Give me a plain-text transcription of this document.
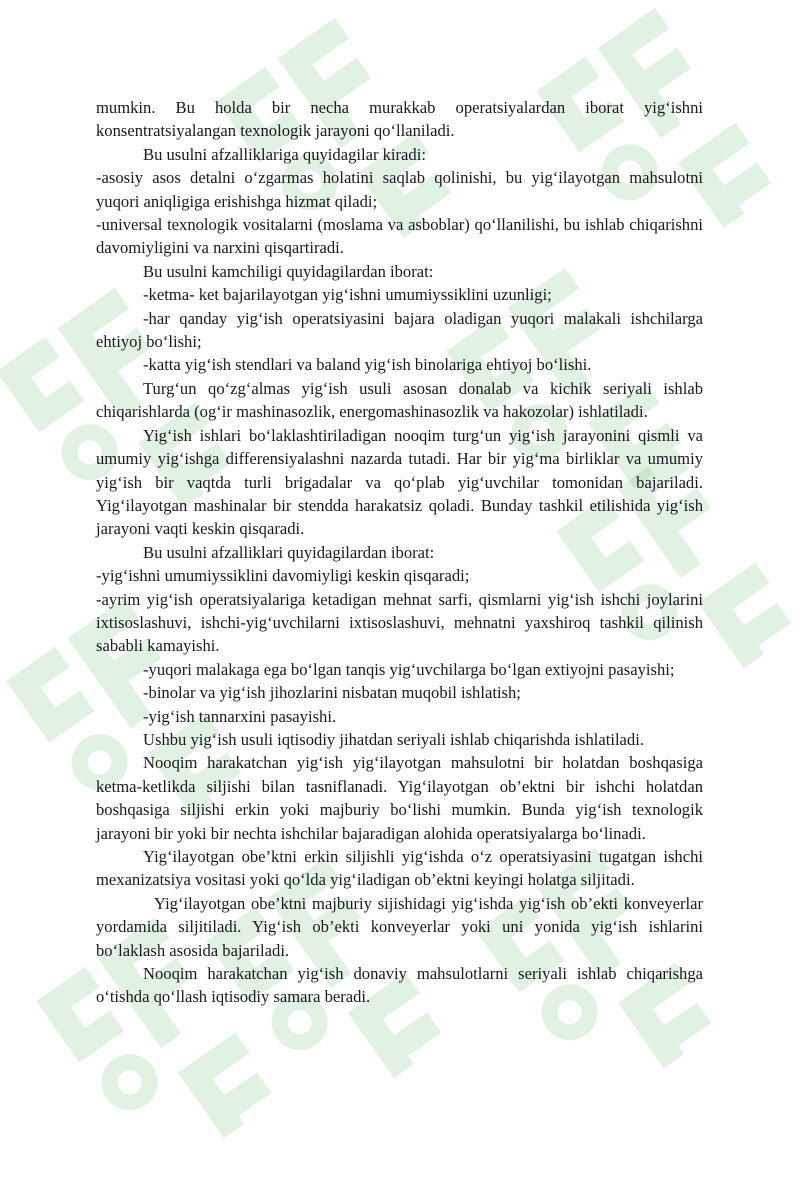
mumkin. Bu holda bir necha murakkab operatsiyalardan iborat yig‘ishni konsentratsiyalangan texnologik jarayoni qo‘llaniladi.

Bu usulni afzalliklariga quyidagilar kiradi:

-asosiy asos detalni o‘zgarmas holatini saqlab qolinishi, bu yig‘ilayotgan mahsulotni yuqori aniqligiga erishishga hizmat qiladi;

-universal texnologik vositalarni (moslama va asboblar) qo‘llanilishi, bu ishlab chiqarishni davomiyligini va narxini qisqartiradi.

Bu usulni kamchiligi quyidagilardan iborat:

-ketma- ket bajarilayotgan yig‘ishni umumiyssiklini uzunligi;

-har qanday yig‘ish operatsiyasini bajara oladigan yuqori malakali ishchilarga ehtiyoj bo‘lishi;

-katta yig‘ish stendlari va baland yig‘ish binolariga ehtiyoj bo‘lishi.

Turg‘un qo‘zg‘almas yig‘ish usuli asosan donalab va kichik seriyali ishlab chiqarishlarda (og‘ir mashinasozlik, energomashinasozlik va hakozolar) ishlatiladi.

Yig‘ish ishlari bo‘laklashtiriladigan nooqim turg‘un yig‘ish jarayonini qismli va umumiy yig‘ishga differensiyalashni nazarda tutadi. Har bir yig‘ma birliklar va umumiy yig‘ish bir vaqtda turli brigadalar va qo‘plab yig‘uvchilar tomonidan bajariladi. Yig‘ilayotgan mashinalar bir stendda harakatsiz qoladi. Bunday tashkil etilishida yig‘ish jarayoni vaqti keskin qisqaradi.

Bu usulni afzalliklari quyidagilardan iborat:

-yig‘ishni umumiyssiklini davomiyligi keskin qisqaradi;

-ayrim yig‘ish operatsiyalariga ketadigan mehnat sarfi, qismlarni yig‘ish ishchi joylarini ixtisoslashuvi, ishchi-yig‘uvchilarni ixtisoslashuvi, mehnatni yaxshiroq tashkil qilinish sababli kamayishi.

-yuqori malakaga ega bo‘lgan tanqis yig‘uvchilarga bo‘lgan extiyojni pasayishi;

-binolar va yig‘ish jihozlarini nisbatan muqobil ishlatish;

-yig‘ish tannarxini pasayishi.

Ushbu yig‘ish usuli iqtisodiy jihatdan seriyali ishlab chiqarishda ishlatiladi.

Nooqim harakatchan yig‘ish yig‘ilayotgan mahsulotni bir holatdan boshqasiga ketma-ketlikda siljishi bilan tasniflanadi. Yig‘ilayotgan ob’ektni bir ishchi holatdan boshqasiga siljishi erkin yoki majburiy bo‘lishi mumkin. Bunda yig‘ish texnologik jarayoni bir yoki bir nechta ishchilar bajaradigan alohida operatsiyalarga bo‘linadi.

Yig‘ilayotgan obe’ktni erkin siljishli yig‘ishda o‘z operatsiyasini tugatgan ishchi mexanizatsiya vositasi yoki qo‘lda yig‘iladigan ob’ektni keyingi holatga siljitadi.

Yig‘ilayotgan obe’ktni majburiy sijishidagi yig‘ishda yig‘ish ob’ekti konveyerlar yordamida siljitiladi. Yig‘ish ob’ekti konveyerlar yoki uni yonida yig‘ish ishlarini bo‘laklash asosida bajariladi.

Nooqim harakatchan yig‘ish donaviy mahsulotlarni seriyali ishlab chiqarishga o‘tishda qo‘llash iqtisodiy samara beradi.
